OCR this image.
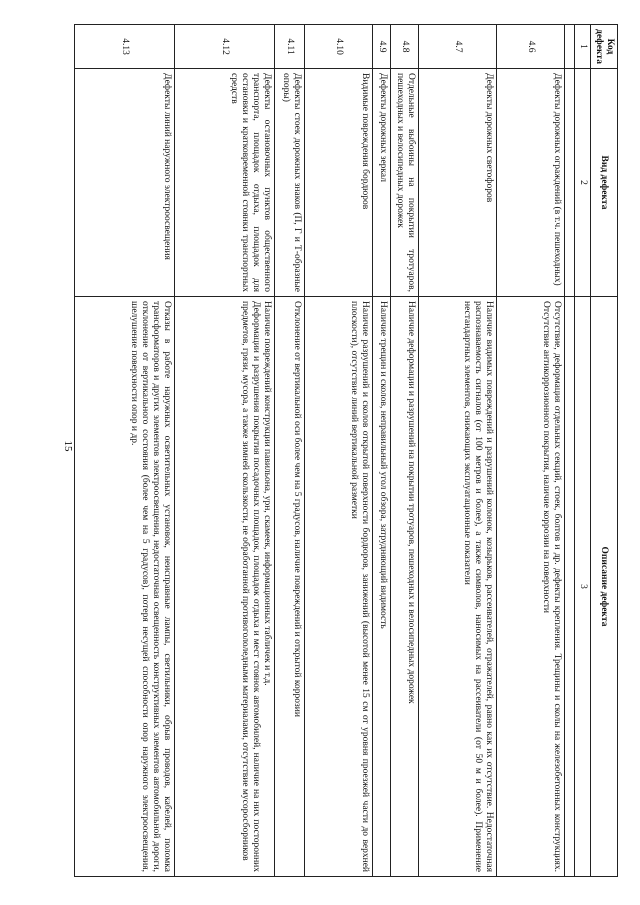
15
Код дефекта	Вид дефекта	Описание дефекта
1	2	3

4.6	Дефекты дорожных ограждений (в т.ч. пешеходных)	Отсутствие, деформация отдельных секций, стоек, болтов и др. дефекты крепления. Трещины и сколы на железобетонных конструкциях. Отсутствие антикоррозионного покрытия, наличие коррозии на поверхности
4.7	Дефекты дорожных светофоров	Наличие видимых повреждений и разрушений колонок, козырьков, рассеивателей, отражателей, равно как их отсутствие. Недостаточная распознаваемость сигналов (от 100 метров и более), а также символов, наносимых на рассеиватели (от 50 м и более). Применение нестандартных элементов, снижающих эксплуатационные показатели
4.8	Отдельные выбоины на покрытии тротуаров, пешеходных и велосипедных дорожек	Наличие деформации и разрушений на покрытии тротуаров, пешеходных и велосипедных дорожек
4.9	Дефекты дорожных зеркал	Наличие трещин и сколов, неправильный угол обзора, затрудняющий видимость
4.10	Видимые повреждения бордюров	Наличие разрушений и сколов открытой поверхности бордюров, занижений (высотой менее 15 см от уровня проезжей части до верхней плоскости), отсутствие линий вертикальной разметки
4.11	Дефекты стоек дорожных знаков (П, Г и Т-образные опоры)	Отклонение от вертикальной оси более чем на 5 градусов, наличие повреждений и открытой коррозии
4.12	Дефекты остановочных пунктов общественного транспорта, площадок отдыха, площадок для остановки и кратковременной стоянки транспортных средств	Наличие повреждений конструкции павильона, урн, скамеек, информационных табличек и т.д.
Деформации и разрушения покрытия посадочных площадок, площадок отдыха и мест стоянок автомобилей, наличие на них посторонних предметов, грязи, мусора, а также зимней скользкости, не обработанной противогололедными материалами, отсутствие мусоросборников

4.13	Дефекты линий наружного электроосвещения	Отказы в работе наружных осветительных установок, неисправные лампы, светильники, обрыв проводов, кабелей, поломка трансформаторов и других элементов электроосвещения, недостаточная освещенность конструктивных элементов автомобильной дороги, отклонение от вертикального состояния (более чем на 5 градусов), потеря несущей способности опор наружного электроосвещения, шелушение поверхности опор и др.
